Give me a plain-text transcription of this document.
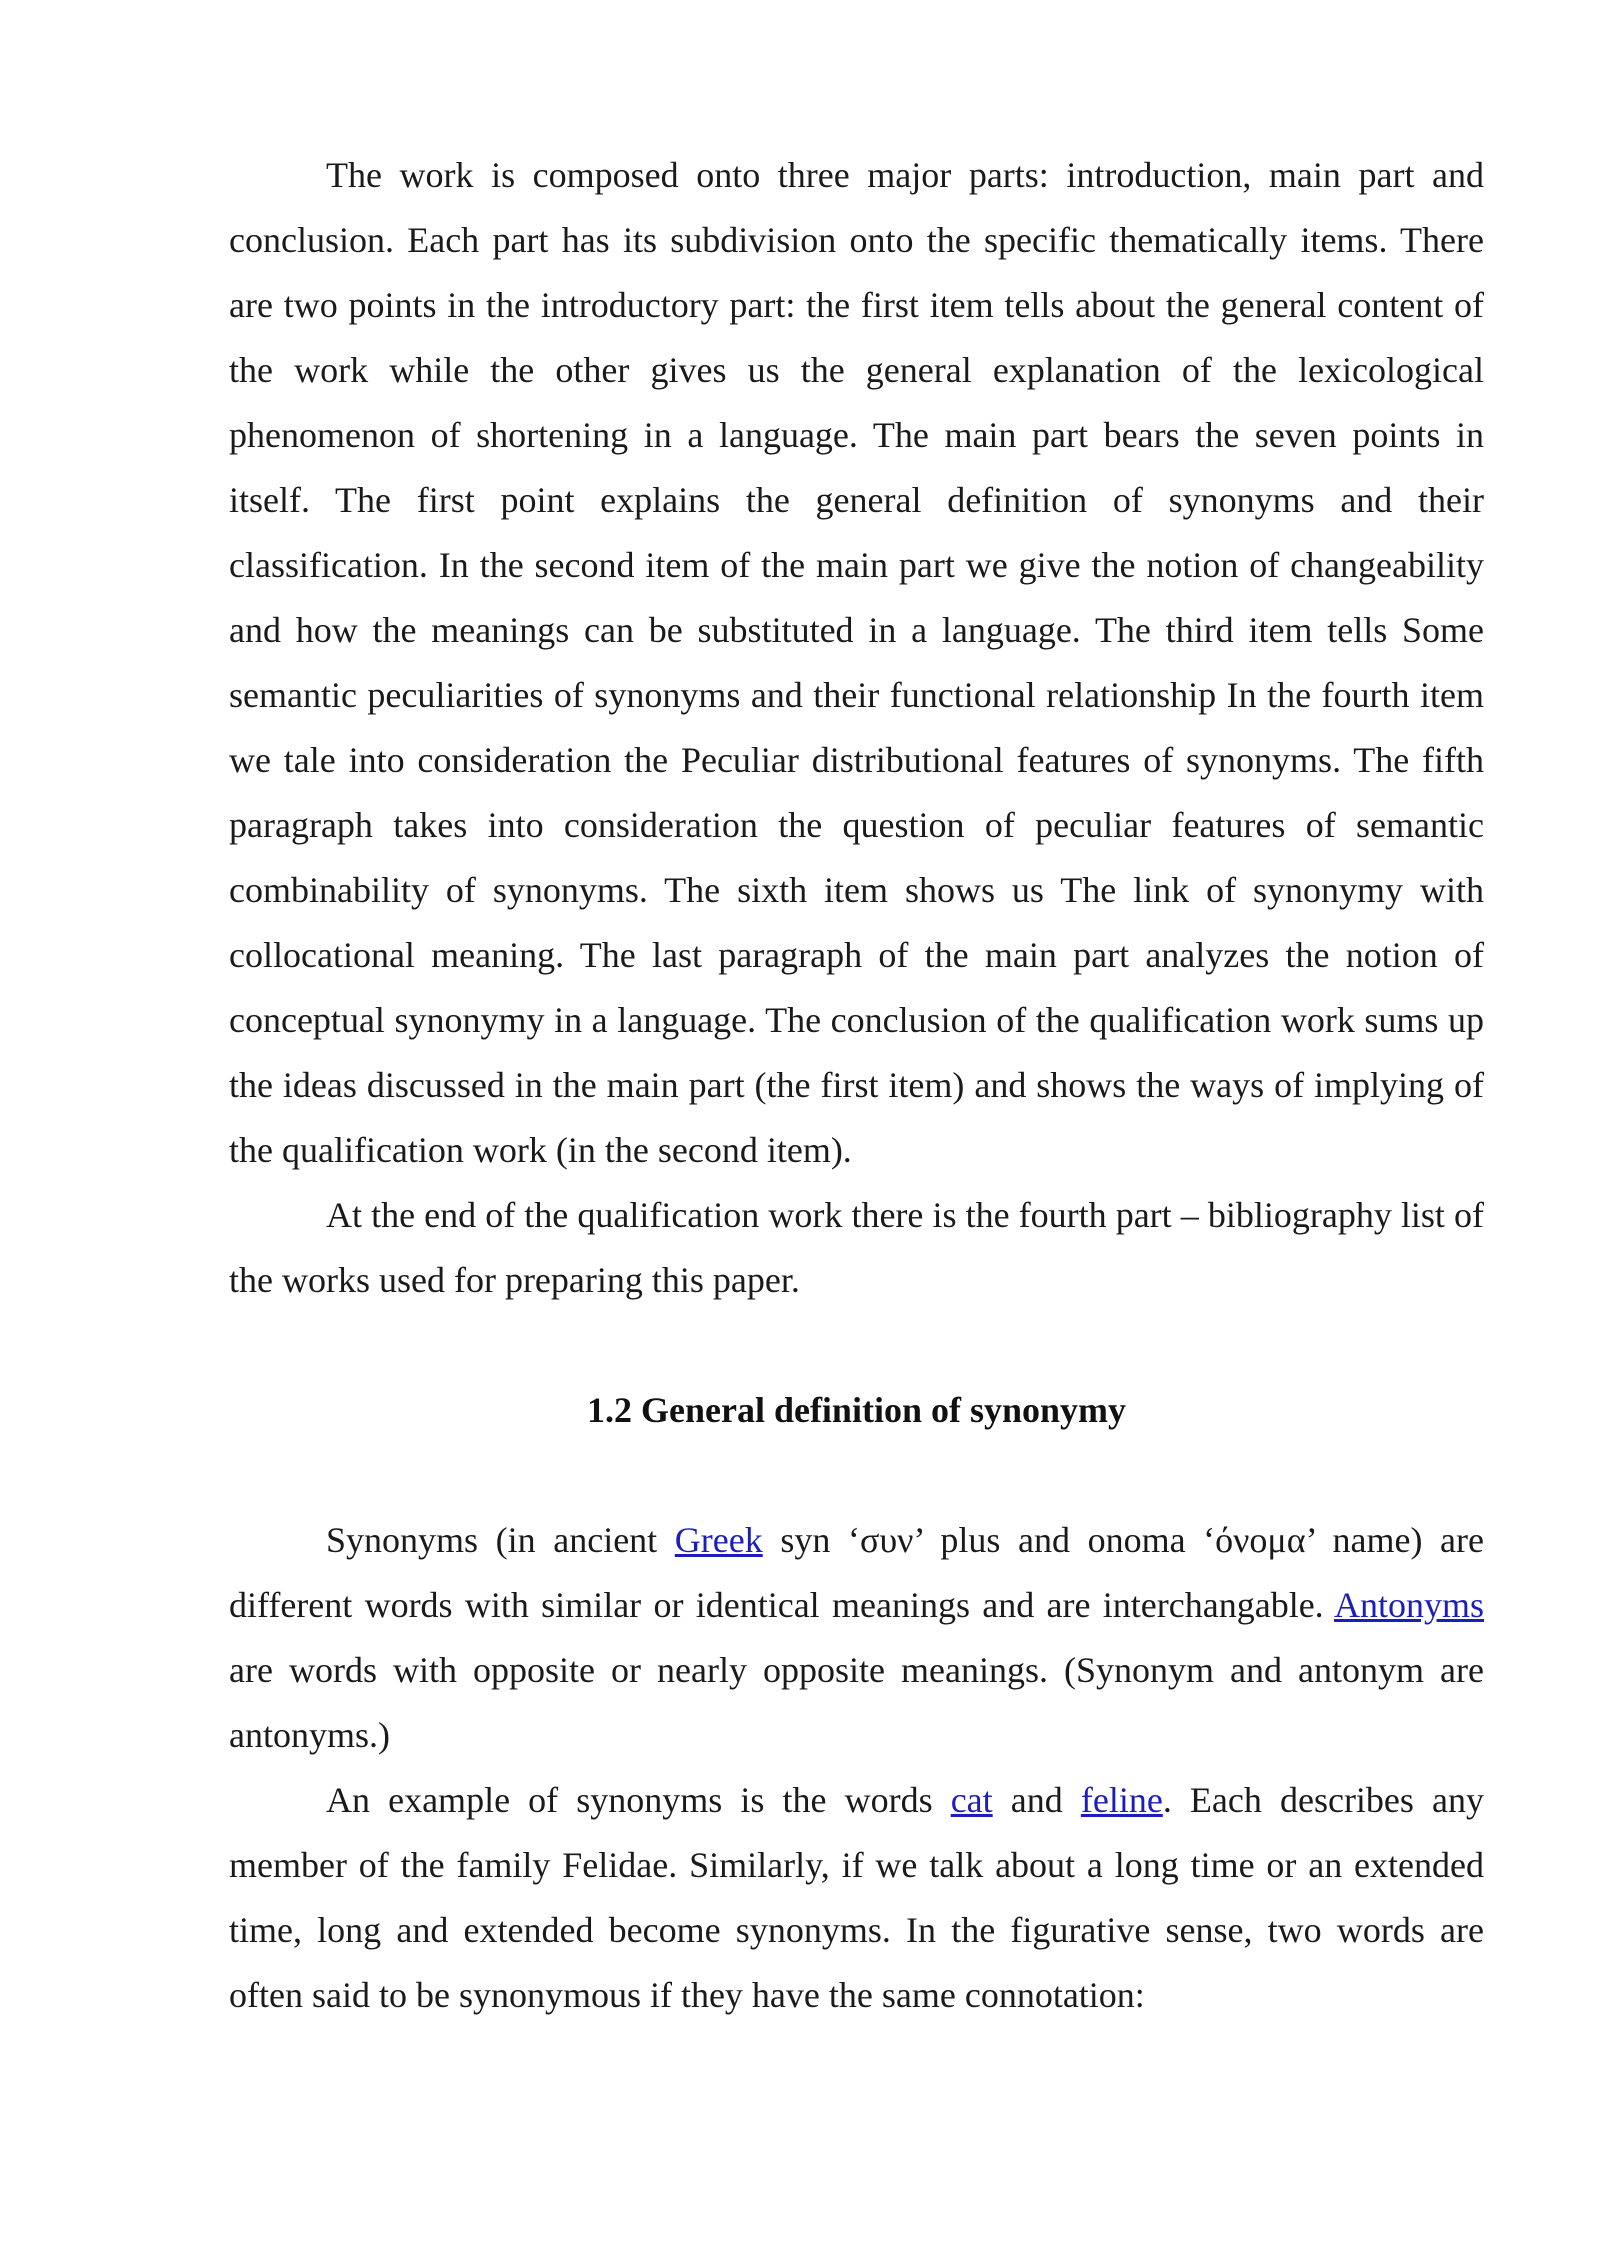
The work is composed onto three major parts: introduction, main part and conclusion. Each part has its subdivision onto the specific thematically items. There are two points in the introductory part: the first item tells about the general content of the work while the other gives us the general explanation of the lexicological phenomenon of shortening in a language. The main part bears the seven points in itself. The first point explains the general definition of synonyms and their classification. In the second item of the main part we give the notion of changeability and how the meanings can be substituted in a language. The third item tells Some semantic peculiarities of synonyms and their functional relationship In the fourth item we tale into consideration the Peculiar distributional features of synonyms. The fifth paragraph takes into consideration the question of peculiar features of semantic combinability of synonyms. The sixth item shows us The link of synonymy with collocational meaning. The last paragraph of the main part analyzes the notion of conceptual synonymy in a language. The conclusion of the qualification work sums up the ideas discussed in the main part (the first item) and shows the ways of implying of the qualification work (in the second item).

At the end of the qualification work there is the fourth part – bibliography list of the works used for preparing this paper.

1.2 General definition of synonymy

Synonyms (in ancient Greek syn ‘συν’ plus and onoma ‘όνομα’ name) are different words with similar or identical meanings and are interchangable. Antonyms are words with opposite or nearly opposite meanings. (Synonym and antonym are antonyms.)

An example of synonyms is the words cat and feline. Each describes any member of the family Felidae. Similarly, if we talk about a long time or an extended time, long and extended become synonyms. In the figurative sense, two words are often said to be synonymous if they have the same connotation:
